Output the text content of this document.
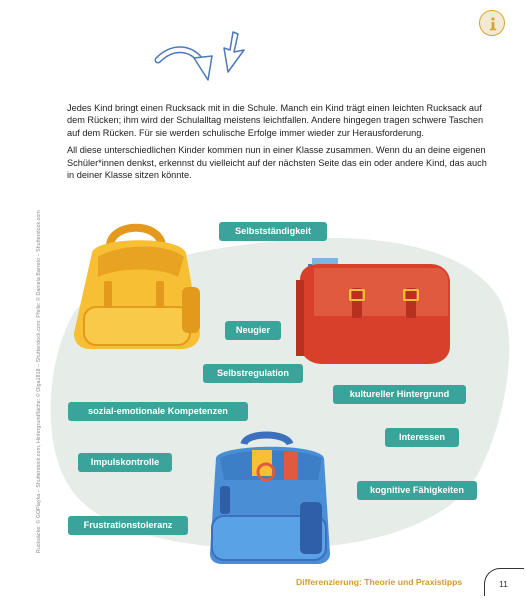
Jedes Kind bringt einen Rucksack mit in die Schule. Manch ein Kind trägt einen leichten Rucksack auf dem Rücken; ihm wird der Schulalltag meistens leichtfallen. Andere hingegen tragen schwere Taschen auf dem Rücken. Für sie werden schulische Erfolge immer wieder zur Herausforderung.

All diese unterschiedlichen Kinder kommen nun in einer Klasse zusammen. Wenn du an deine eigenen Schüler*innen denkst, erkennst du vielleicht auf der nächsten Seite das ein oder andere Kind, das auch in deiner Klasse sitzen könnte.

Rucksäcke: © GOPlayka – Shutterstock.com, Hintergrundfläche: © Olga1818 – Shutterstock.com; Pfeile: © Daniela Barreto – Shutterstock.com	Selbstständigkeit
Neugier
Selbstregulation
kultureller Hintergrund
sozial-emotionale Kompetenzen
Interessen
Impulskontrolle
kognitive Fähigkeiten
Frustrationstoleranz
Differenzierung: Theorie und Praxistipps	11
